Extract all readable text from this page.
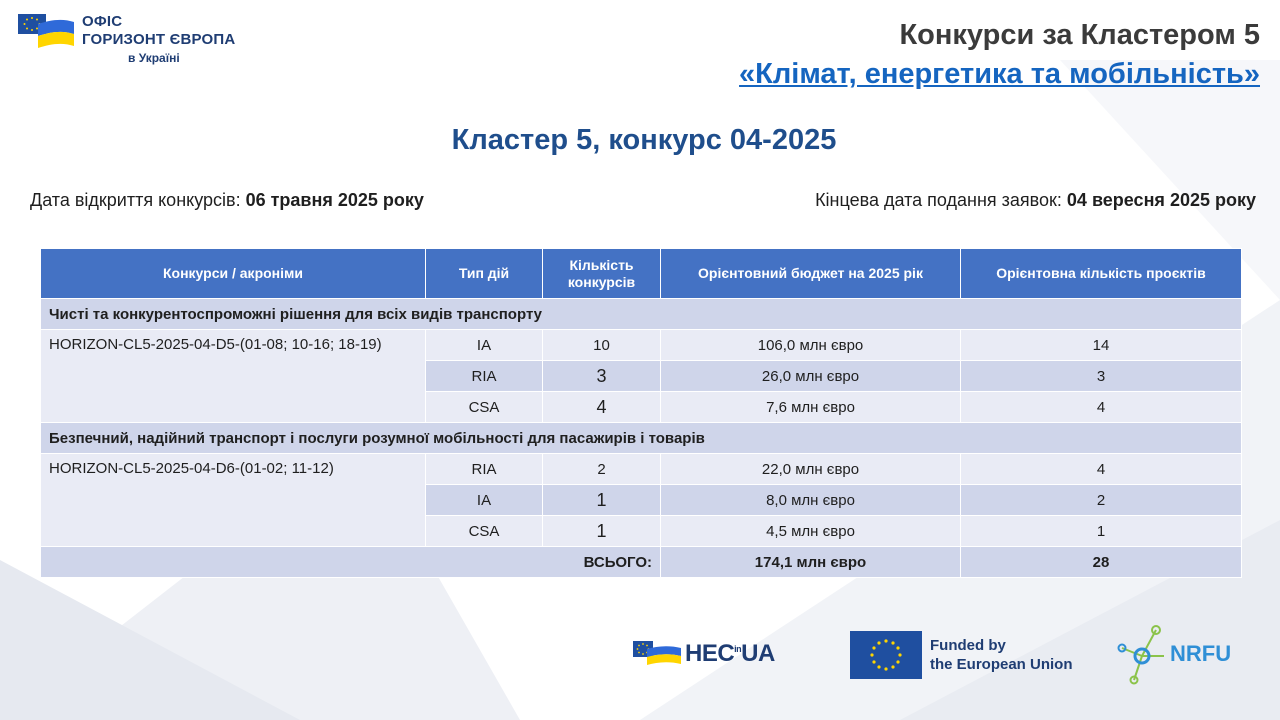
ОФІС
ГОРИЗОНТ ЄВРОПА
в Україні
Конкурси за Кластером 5
«Клімат, енергетика та мобільність»
Кластер 5, конкурс 04-2025
Дата відкриття конкурсів: 06 травня 2025 року	Кінцева дата подання заявок: 04 вересня 2025 року
Конкурси / акроніми	Тип дій	Кількість конкурсів	Орієнтовний бюджет на 2025 рік	Орієнтовна кількість проєктів
Чисті та конкурентоспроможні рішення для всіх видів транспорту				
HORIZON-CL5-2025-04-D5-(01-08; 10-16; 18-19)	IA	10	106,0 млн євро	14
	RIA	3	26,0 млн євро	3
	CSA	4	7,6 млн євро	4
Безпечний, надійний транспорт і послуги розумної мобільності для пасажирів і товарів				
HORIZON-CL5-2025-04-D6-(01-02; 11-12)	RIA	2	22,0 млн євро	4
	IA	1	8,0 млн євро	2
	CSA	1	4,5 млн євро	1
ВСЬОГО:			174,1 млн євро	28
$HEC^{in}UA$	Funded by
the European Union	NRFU
